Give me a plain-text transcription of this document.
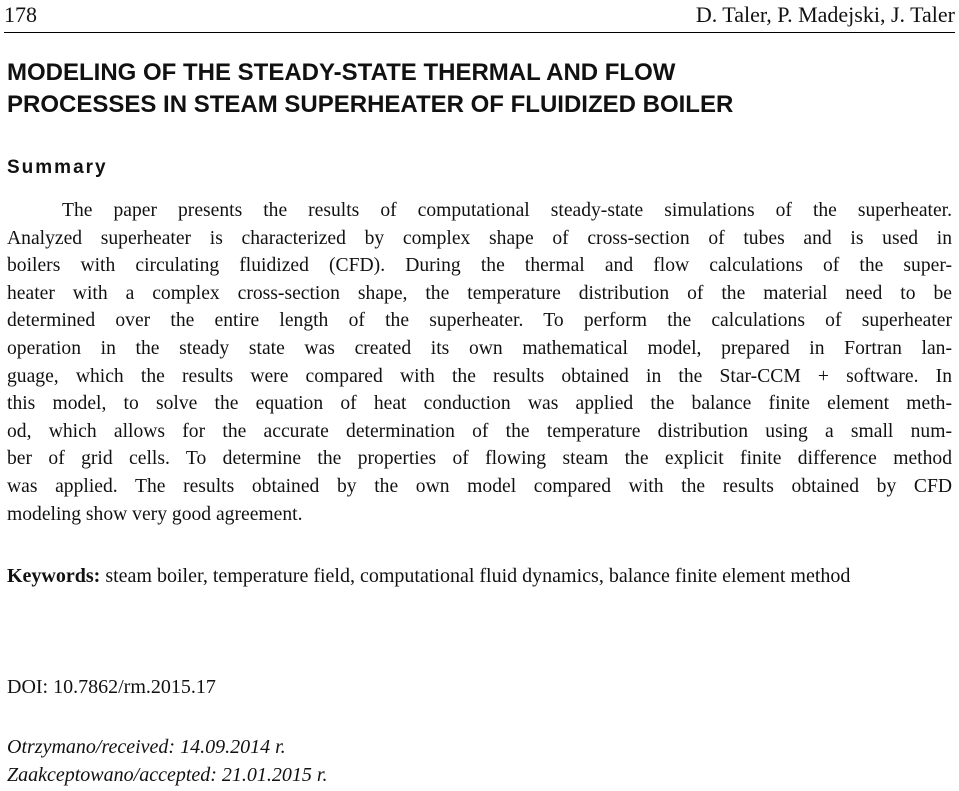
178	D. Taler, P. Madejski, J. Taler
MODELING OF THE STEADY-STATE THERMAL AND FLOW
PROCESSES IN STEAM SUPERHEATER OF FLUIDIZED BOILER
Summary

The paper presents the results of computational steady-state simulations of the superheater.
Analyzed superheater is characterized by complex shape of cross-section of tubes and is used in
boilers with circulating fluidized (CFD). During the thermal and flow calculations of the super-
heater with a complex cross-section shape, the temperature distribution of the material need to be
determined over the entire length of the superheater. To perform the calculations of superheater
operation in the steady state was created its own mathematical model, prepared in Fortran lan-
guage, which the results were compared with the results obtained in the Star-CCM + software. In
this model, to solve the equation of heat conduction was applied the balance finite element meth-
od, which allows for the accurate determination of the temperature distribution using a small num-
ber of grid cells. To determine the properties of flowing steam the explicit finite difference method
was applied. The results obtained by the own model compared with the results obtained by CFD
modeling show very good agreement.

Keywords: steam boiler, temperature field, computational fluid dynamics, balance finite element method

DOI: 10.7862/rm.2015.17
Otrzymano/received: 14.09.2014 r.
Zaakceptowano/accepted: 21.01.2015 r.
